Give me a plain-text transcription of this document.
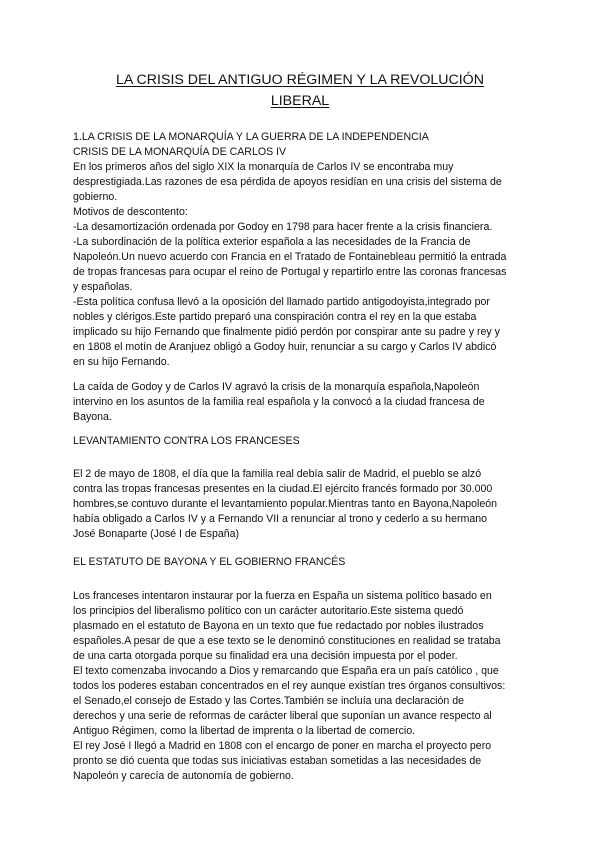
LA CRISIS DEL ANTIGUO RÉGIMEN Y LA REVOLUCIÓN
LIBERAL
1.LA CRISIS DE LA MONARQUÍA Y LA GUERRA DE LA INDEPENDENCIA
CRISIS DE LA MONARQUÍA DE CARLOS IV
En los primeros años del siglo XIX la monarquía de Carlos IV se encontraba muy
desprestigiada.Las razones de esa pérdida de apoyos residían en una crisis del sistema de
gobierno.
Motivos de descontento:
-La desamortización ordenada por Godoy en 1798 para hacer frente a la crisis financiera.
-La subordinación de la política exterior española a las necesidades de la Francia de
Napoleón.Un nuevo acuerdo con Francia en el Tratado de Fontainebleau permitió la entrada
de tropas francesas para ocupar el reino de Portugal y repartirlo entre las coronas francesas
y españolas.
-Esta política confusa llevó a la oposición del llamado partido antigodoyista,integrado por
nobles y clérigos.Este partido preparó una conspiración contra el rey en la que estaba
implicado su hijo Fernando que finalmente pidió perdón por conspirar ante su padre y rey y
en 1808 el motín de Aranjuez obligó a Godoy huir, renunciar a su cargo y Carlos IV abdicó
en su hijo Fernando.
La caída de Godoy y de Carlos IV agravó la crisis de la monarquía española,Napoleón
intervino en los asuntos de la familia real española y la convocó a la ciudad francesa de
Bayona.
LEVANTAMIENTO CONTRA LOS FRANCESES
El 2 de mayo de 1808, el día que la familia real debía salir de Madrid, el pueblo se alzó
contra las tropas francesas presentes en la ciudad.El ejército francés formado por 30.000
hombres,se contuvo durante el levantamiento popular.Mientras tanto en Bayona,Napoleón
había obligado a Carlos IV y a Fernando VII a renunciar al trono y cederlo a su hermano
José Bonaparte (José I de España)
EL ESTATUTO DE BAYONA Y EL GOBIERNO FRANCÉS
Los franceses intentaron instaurar por la fuerza en España un sistema político basado en
los principios del liberalismo político con un carácter autoritario.Este sistema quedó
plasmado en el estatuto de Bayona en un texto que fue redactado por nobles ilustrados
españoles.A pesar de que a ese texto se le denominó constituciones en realidad se trataba
de una carta otorgada porque su finalidad era una decisión impuesta por el poder.
El texto comenzaba invocando a Dios y remarcando que España era un país católico , que
todos los poderes estaban concentrados en el rey aunque existían tres órganos consultivos:
el Senado,el consejo de Estado y las Cortes.También se incluía una declaración de
derechos y una serie de reformas de carácter liberal que suponían un avance respecto al
Antiguo Régimen, como la libertad de imprenta o la libertad de comercio.
El rey José I llegó a Madrid en 1808 con el encargo de poner en marcha el proyecto pero
pronto se dió cuenta que todas sus iniciativas estaban sometidas a las necesidades de
Napoleón y carecía de autonomía de gobierno.
